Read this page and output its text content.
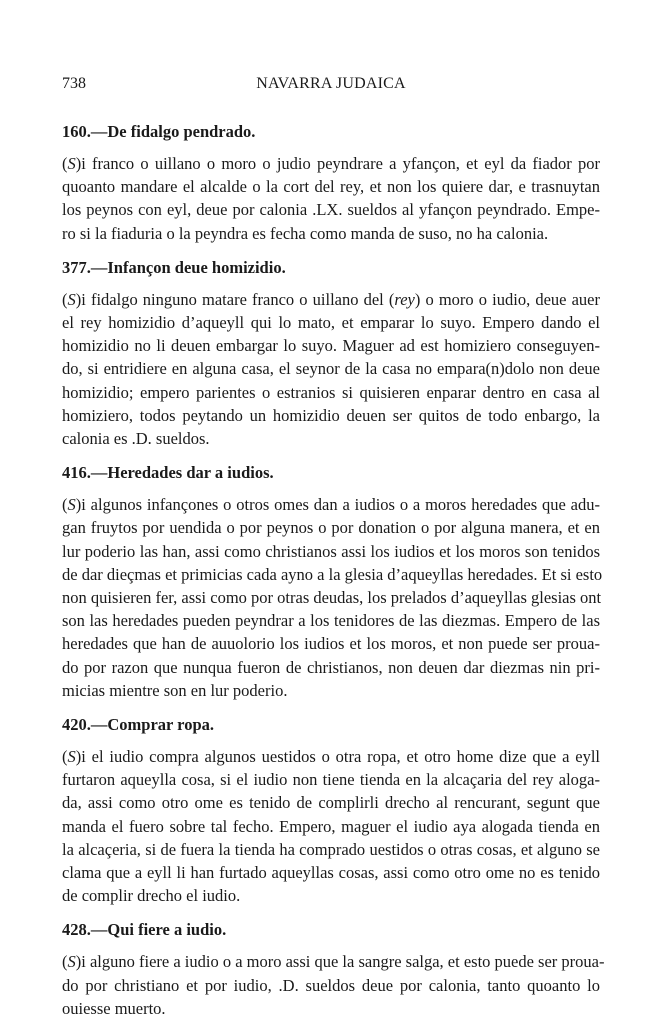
738	NAVARRA JUDAICA

160.—De fidalgo pendrado.

(S)i franco o uillano o moro o judio peyndrare a yfançon, et eyl da fiador por
quoanto mandare el alcalde o la cort del rey, et non los quiere dar, e trasnuytan
los peynos con eyl, deue por calonia .LX. sueldos al yfançon peyndrado. Empe-
ro si la fiaduria o la peyndra es fecha como manda de suso, no ha calonia.

377.—Infançon deue homizidio.

(S)i fidalgo ninguno matare franco o uillano del (rey) o moro o iudio, deue auer
el rey homizidio d’aqueyll qui lo mato, et emparar lo suyo. Empero dando el
homizidio no li deuen embargar lo suyo. Maguer ad est homiziero conseguyen-
do, si entridiere en alguna casa, el seynor de la casa no empara(n)dolo non deue
homizidio; empero parientes o estranios si quisieren enparar dentro en casa al
homiziero, todos peytando un homizidio deuen ser quitos de todo enbargo, la
calonia es .D. sueldos.

416.—Heredades dar a iudios.

(S)i algunos infançones o otros omes dan a iudios o a moros heredades que adu-
gan fruytos por uendida o por peynos o por donation o por alguna manera, et en
lur poderio las han, assi como christianos assi los iudios et los moros son tenidos
de dar dieçmas et primicias cada ayno a la glesia d’aqueyllas heredades. Et si esto
non quisieren fer, assi como por otras deudas, los prelados d’aqueyllas glesias ont
son las heredades pueden peyndrar a los tenidores de las diezmas. Empero de las
heredades que han de auuolorio los iudios et los moros, et non puede ser proua-
do por razon que nunqua fueron de christianos, non deuen dar diezmas nin pri-
micias mientre son en lur poderio.

420.—Comprar ropa.

(S)i el iudio compra algunos uestidos o otra ropa, et otro home dize que a eyll
furtaron aqueylla cosa, si el iudio non tiene tienda en la alcaçaria del rey aloga-
da, assi como otro ome es tenido de complirli drecho al rencurant, segunt que
manda el fuero sobre tal fecho. Empero, maguer el iudio aya alogada tienda en
la alcaçeria, si de fuera la tienda ha comprado uestidos o otras cosas, et alguno se
clama que a eyll li han furtado aqueyllas cosas, assi como otro ome no es tenido
de complir drecho el iudio.

428.—Qui fiere a iudio.

(S)i alguno fiere a iudio o a moro assi que la sangre salga, et esto puede ser proua-
do por christiano et por iudio, .D. sueldos deue por calonia, tanto quoanto lo
ouiesse muerto.
